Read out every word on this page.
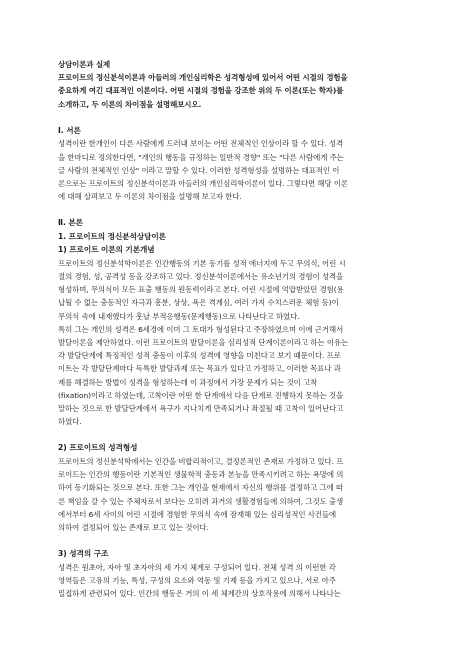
상담이론과 실제
프로이트의 정신분석이론과 아들러의 개인심리학은 성격형성에 있어서 어떤 시절의 경험을
중요하게 여긴 대표적인 이론이다. 어떤 시절의 경험을 강조한 위의 두 이론(또는 학자)를
소개하고, 두 이론의 차이점을 설명해보시오.
Ⅰ. 서론
성격이란 한개인이 다른 사람에게 드러내 보이는 어떤 전체적인 인상이라 할 수 있다. 성격
을 한마디로 정의한다면, "개인의 행동을 규정하는 일반적 경향" 또는 "다른 사람에게 주는
글 사람의 전체적인 인상" 이라고 말할 수 있다. 이러한 성격형성을 설명하는 대표적인 이
론으로는 프로이트의 정신분석이론과 아들러의 개인심리학이론이 있다. 그렇다면 해당 이론
에 대해 살펴보고 두 이론의 차이점을 설명해 보고자 한다.
Ⅱ. 본론
1. 프로이트의 정신분석상담이론
1) 프로이트 이론의 기본개념
프로이트의 정신분석학이론은 인간행동의 기본 동기를 성적 에너지에 두고 무의식, 어린 시
절의 경험, 성, 공격성 등을 강조하고 있다. 정신분석이론에서는 유소년기의 경험이 성격을
형성하며, 무의식이 모든 표출 행동의 원동력이라고 본다. 어린 시절에 억압받았던 경험(용
납될 수 없는 충동적인 자극과 흥분, 상상, 욕은 격계심, 여러 가지 수치스러운 체험 등)이
무의식 속에 내재했다가 훗날 부적응행동(문제행동)으로 나타난다고 하였다.
특히 그는 개인의 성격은 6세경에 이미 그 토대가 형성된다고 주장하였으며 이에 근거해서
발달이론을 제안하였다. 이런 프로이트의 발달이론을 심리성적 단계이론이라고 하는 이유는
각 발달단계에 특징적인 성적 충동이 이후의 성격에 영향을 미친다고 보기 때문이다. 프로
이트는 각 발달단계마다 독특한 발달과제 또는 목표가 있다고 가정하고, 이러한 목표나 과
제를 해결하는 방법이 성격을 형성하는데 이 과정에서 가장 문제가 되는 것이 고착
(fixation)이라고 하였는데, 고착이란 어떤 한 단계에서 다음 단계로 진행하지 못하는 것을
말하는 것으로 한 발달단계에서 욕구가 지나치게 만족되거나 좌절될 때 고착이 일어난다고
하였다.
2) 프로이트의 성격형성
프로이트의 정신분석학에서는 인간을 비합리적이고, 결정론적인 존재로 가정하고 있다. 프
로이드는 인간의 행동이란 기본적인 생물학적 충동과 본능을 만족시키려고 하는 욕망에 의
하여 동기화되는 것으로 본다. 또한 그는 개인을 현재에서 자신의 행위를 결정하고 그에 따
른 책임을 갈 수 있는 주체자로서 보다는 오히려 과거의 생활경험들에 의하여, 그것도 출생
에서부터 6세 사이의 어린 시절에 경험한 무의식 속에 잠재해 있는 심리성적인 사건들에
의하여 결정되어 있는 존재로 보고 있는 것이다.
3) 성격의 구조
성격은 원초아, 자아 및 초자아의 세 가지 체계로 구성되어 있다. 전체 성격 의 이런한 각
영역들은 고유의 기능, 특성, 구성의 요소와 역동 및 기제 등을 가지고 있으나, 서로 아주
밀접하게 관련되어 있다. 인간의 행동은 거의 이 세 체계간의 상호작용에 의해서 나타나는
